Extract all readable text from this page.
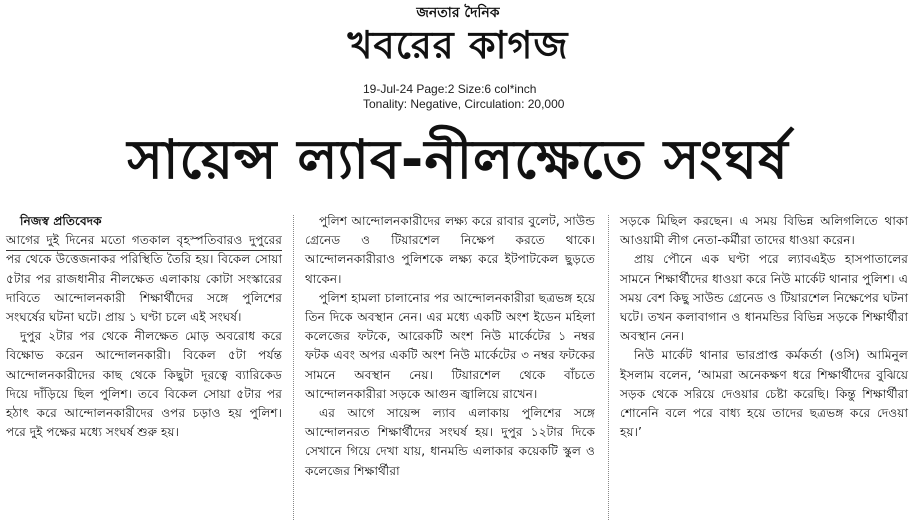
জনতার দৈনিক
খবরের কাগজ
19-Jul-24 Page:2 Size:6 col*inch
Tonality: Negative, Circulation: 20,000
সায়েন্স ল্যাব-নীলক্ষেতে সংঘর্ষ

নিজস্ব প্রতিবেদক

আগের দুই দিনের মতো গতকাল বৃহস্পতিবারও দুপুরের পর থেকে উত্তেজনাকর পরিস্থিতি তৈরি হয়। বিকেল সোয়া ৫টার পর রাজধানীর নীলক্ষেত এলাকায় কোটা সংস্কারের দাবিতে আন্দোলনকারী শিক্ষার্থীদের সঙ্গে পুলিশের সংঘর্ষের ঘটনা ঘটে। প্রায় ১ ঘণ্টা চলে এই সংঘর্ষ।

দুপুর ২টার পর থেকে নীলক্ষেত মোড় অবরোধ করে বিক্ষোভ করেন আন্দোলনকারী। বিকেল ৫টা পর্যন্ত আন্দোলনকারীদের কাছ থেকে কিছুটা দূরত্বে ব্যারিকেড দিয়ে দাঁড়িয়ে ছিল পুলিশ। তবে বিকেল সোয়া ৫টার পর হঠাৎ করে আন্দোলনকারীদের ওপর চড়াও হয় পুলিশ। পরে দুই পক্ষের মধ্যে সংঘর্ষ শুরু হয়।

পুলিশ আন্দোলনকারীদের লক্ষ্য করে রাবার বুলেট, সাউন্ড গ্রেনেড ও টিয়ারশেল নিক্ষেপ করতে থাকে। আন্দোলনকারীরাও পুলিশকে লক্ষ্য করে ইটপাটকেল ছুড়তে থাকেন।

পুলিশ হামলা চালানোর পর আন্দোলনকারীরা ছত্রভঙ্গ হয়ে তিন দিকে অবস্থান নেন। এর মধ্যে একটি অংশ ইডেন মহিলা কলেজের ফটকে, আরেকটি অংশ নিউ মার্কেটের ১ নম্বর ফটক এবং অপর একটি অংশ নিউ মার্কেটের ৩ নম্বর ফটকের সামনে অবস্থান নেয়। টিয়ারশেল থেকে বাঁচতে আন্দোলনকারীরা সড়কে আগুন জ্বালিয়ে রাখেন।

এর আগে সায়েন্স ল্যাব এলাকায় পুলিশের সঙ্গে আন্দোলনরত শিক্ষার্থীদের সংঘর্ষ হয়। দুপুর ১২টার দিকে সেখানে গিয়ে দেখা যায়, ধানমন্ডি এলাকার কয়েকটি স্কুল ও কলেজের শিক্ষার্থীরা

সড়কে মিছিল করছেন। এ সময় বিভিন্ন অলিগলিতে থাকা আওয়ামী লীগ নেতা-কর্মীরা তাদের ধাওয়া করেন।

প্রায় পৌনে এক ঘণ্টা পরে ল্যাবএইড হাসপাতালের সামনে শিক্ষার্থীদের ধাওয়া করে নিউ মার্কেট থানার পুলিশ। এ সময় বেশ কিছু সাউন্ড গ্রেনেড ও টিয়ারশেল নিক্ষেপের ঘটনা ঘটে। তখন কলাবাগান ও ধানমন্ডির বিভিন্ন সড়কে শিক্ষার্থীরা অবস্থান নেন।

নিউ মার্কেট থানার ভারপ্রাপ্ত কর্মকর্তা (ওসি) আমিনুল ইসলাম বলেন, ‘আমরা অনেকক্ষণ ধরে শিক্ষার্থীদের বুঝিয়ে সড়ক থেকে সরিয়ে দেওয়ার চেষ্টা করেছি। কিন্তু শিক্ষার্থীরা শোনেনি বলে পরে বাধ্য হয়ে তাদের ছত্রভঙ্গ করে দেওয়া হয়।’
